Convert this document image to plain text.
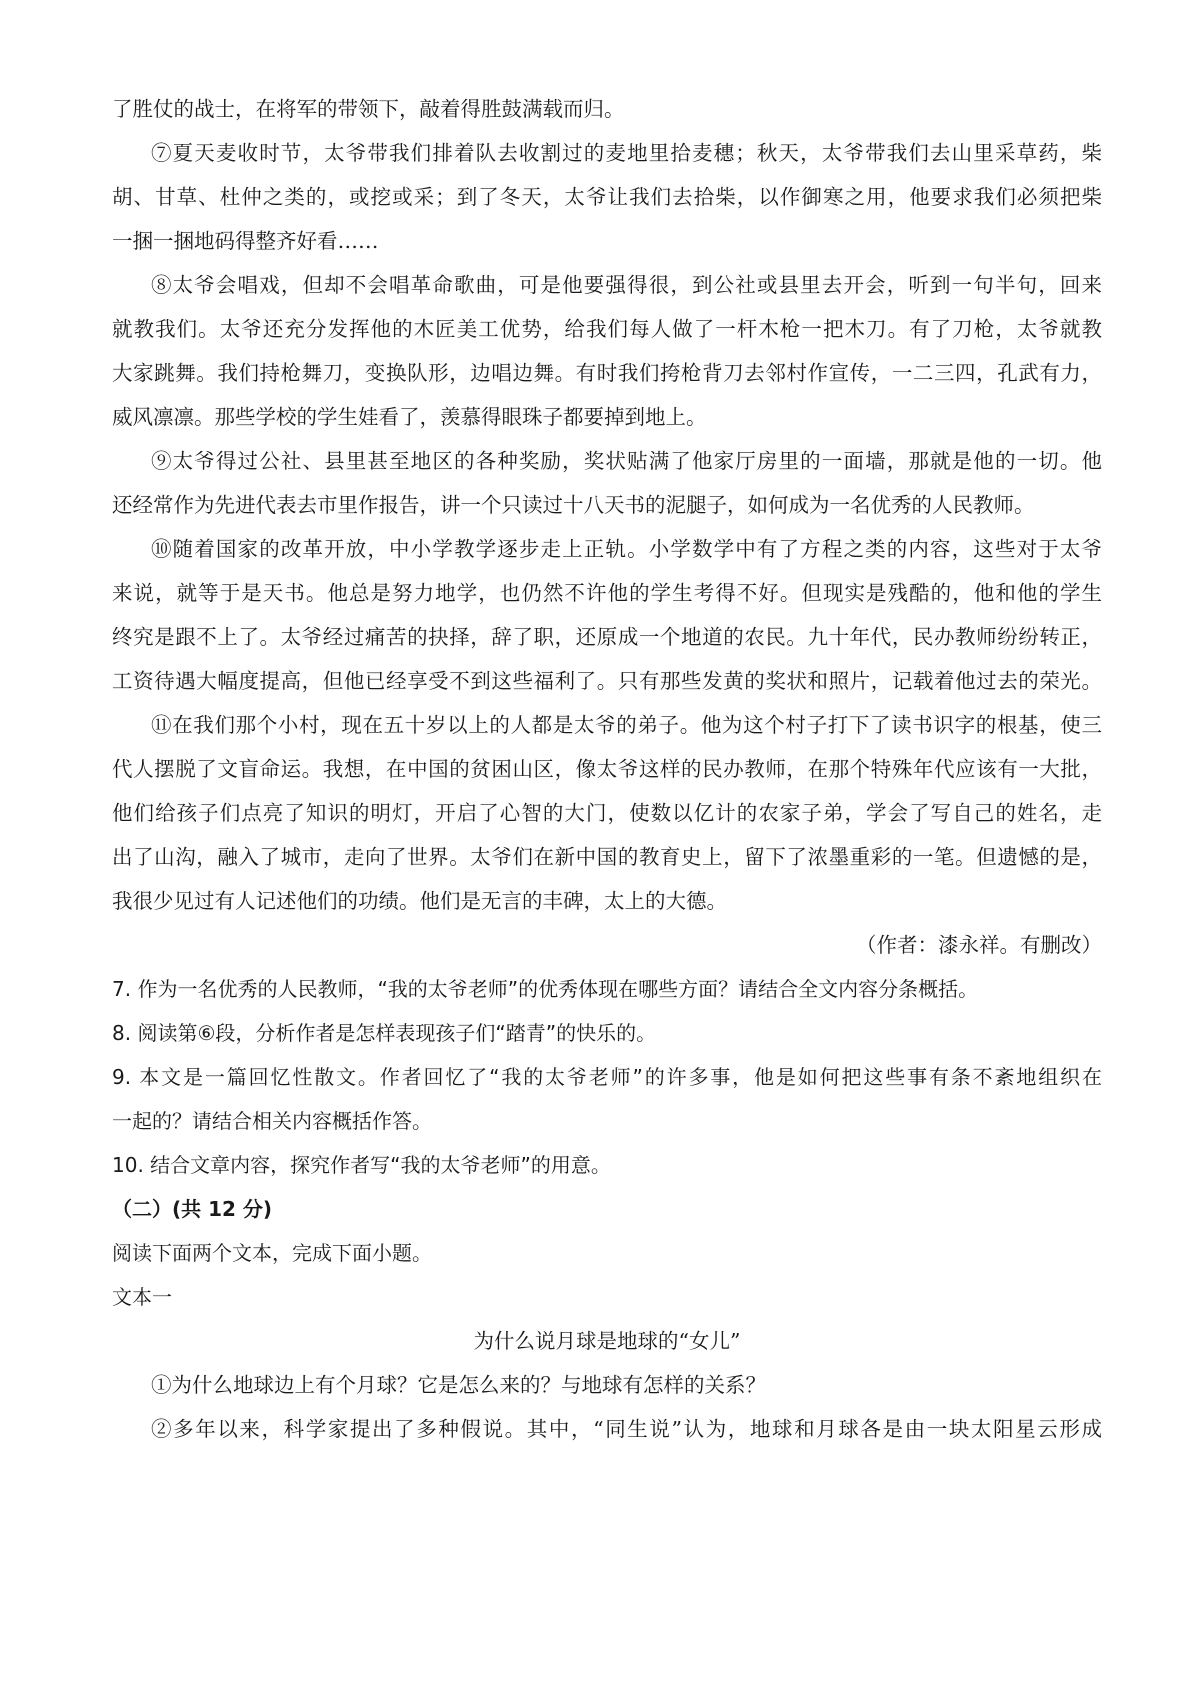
了胜仗的战士，在将军的带领下，敲着得胜鼓满载而归。
⑦夏天麦收时节，太爷带我们排着队去收割过的麦地里拾麦穗；秋天，太爷带我们去山里采草药，柴
胡、甘草、杜仲之类的，或挖或采；到了冬天，太爷让我们去拾柴，以作御寒之用，他要求我们必须把柴
一捆一捆地码得整齐好看……
⑧太爷会唱戏，但却不会唱革命歌曲，可是他要强得很，到公社或县里去开会，听到一句半句，回来
就教我们。太爷还充分发挥他的木匠美工优势，给我们每人做了一杆木枪一把木刀。有了刀枪，太爷就教
大家跳舞。我们持枪舞刀，变换队形，边唱边舞。有时我们挎枪背刀去邻村作宣传，一二三四，孔武有力，
威风凛凛。那些学校的学生娃看了，羡慕得眼珠子都要掉到地上。
⑨太爷得过公社、县里甚至地区的各种奖励，奖状贴满了他家厅房里的一面墙，那就是他的一切。他
还经常作为先进代表去市里作报告，讲一个只读过十八天书的泥腿子，如何成为一名优秀的人民教师。
⑩随着国家的改革开放，中小学教学逐步走上正轨。小学数学中有了方程之类的内容，这些对于太爷
来说，就等于是天书。他总是努力地学，也仍然不许他的学生考得不好。但现实是残酷的，他和他的学生
终究是跟不上了。太爷经过痛苦的抉择，辞了职，还原成一个地道的农民。九十年代，民办教师纷纷转正，
工资待遇大幅度提高，但他已经享受不到这些福利了。只有那些发黄的奖状和照片，记载着他过去的荣光。
⑪在我们那个小村，现在五十岁以上的人都是太爷的弟子。他为这个村子打下了读书识字的根基，使三
代人摆脱了文盲命运。我想，在中国的贫困山区，像太爷这样的民办教师，在那个特殊年代应该有一大批，
他们给孩子们点亮了知识的明灯，开启了心智的大门，使数以亿计的农家子弟，学会了写自己的姓名，走
出了山沟，融入了城市，走向了世界。太爷们在新中国的教育史上，留下了浓墨重彩的一笔。但遗憾的是，
我很少见过有人记述他们的功绩。他们是无言的丰碑，太上的大德。
（作者：漆永祥。有删改）
7. 作为一名优秀的人民教师，“我的太爷老师”的优秀体现在哪些方面？请结合全文内容分条概括。
8. 阅读第⑥段，分析作者是怎样表现孩子们“踏青”的快乐的。
9. 本文是一篇回忆性散文。作者回忆了“我的太爷老师”的许多事，他是如何把这些事有条不紊地组织在
一起的？请结合相关内容概括作答。
10. 结合文章内容，探究作者写“我的太爷老师”的用意。
（二）(共 12 分)
阅读下面两个文本，完成下面小题。
文本一
为什么说月球是地球的“女儿”
①为什么地球边上有个月球？它是怎么来的？与地球有怎样的关系？
②多年以来，科学家提出了多种假说。其中，“同生说”认为，地球和月球各是由一块太阳星云形成
